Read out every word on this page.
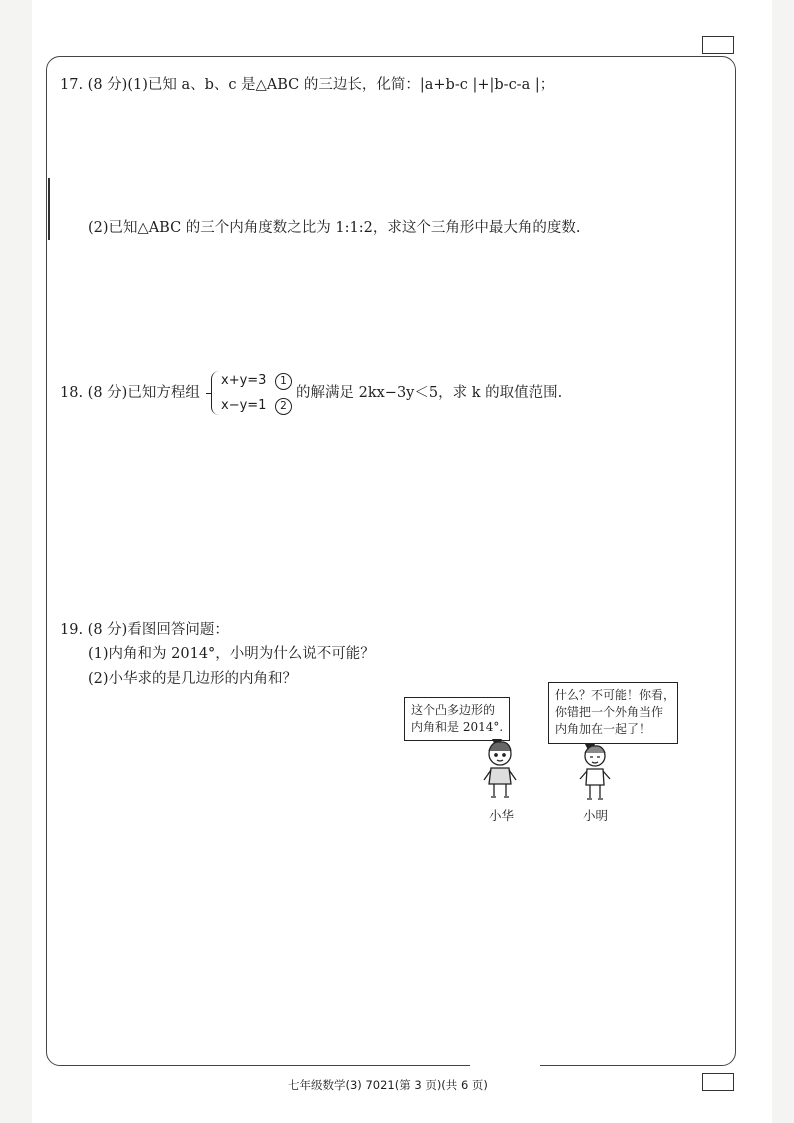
17. (8 分)(1)已知 a、b、c 是△ABC 的三边长，化简：|a+b-c |+|b-c-a |；
(2)已知△ABC 的三个内角度数之比为 1:1:2，求这个三角形中最大角的度数.
18. (8 分)已知方程组
x+y=3
x−y=1
1
2
的解满足 2kx−3y＜5，求 k 的取值范围.
19. (8 分)看图回答问题：
(1)内角和为 2014°，小明为什么说不可能？
(2)小华求的是几边形的内角和？
这个凸多边形的
内角和是 2014°.
什么？不可能！你看，
你错把一个外角当作
内角加在一起了！
小华	小明
七年级数学(3) 7021(第 3 页)(共 6 页)
